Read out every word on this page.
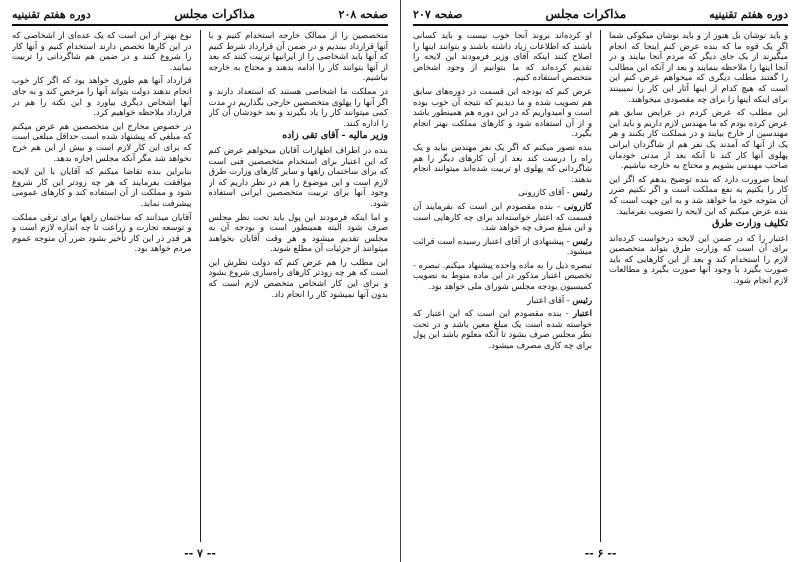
دوره هفتم تقنینیه
مذاکرات مجلس
صفحه ۲۰۷

و باید نوشان بل هنوز از و باید نوشان میکوکی شما اگر یک قوه ما که بنده عرض کنم اینجا که انجام میگیرند از یک جای دیگر که مردم آنجا بیایند و در آنجا اینها را ملاحظه بنمایند و بعد از آنکه این مطالب را گفتند مطلب دیگری که میخواهم عرض کنم این است که هیچ کدام از اینها آثار این کار را نمیبینند برای اینکه اینها را برای چه مقصودی میخواهند.

این مطلب که عرض کردم در عرایض سابق هم عرض کرده بودم که ما مهندس لازم داریم و باید این مهندسین از خارج بیایند و در مملکت کار بکنند و هر یک از آنها که آمدند یک نفر هم از شاگردان ایرانی پهلوی آنها کار کند تا آنکه بعد از مدتی خودمان صاحب مهندس بشویم و محتاج به خارجه نباشیم.

اینجا ضرورت دارد که بنده توضیح بدهم که اگر این کار را بکنیم به نفع مملکت است و اگر نکنیم ضرر آن متوجه خود ما خواهد شد و به این جهت است که بنده عرض میکنم که این لایحه را تصویب بفرمایید.

تکلیف وزارت طرق

اعتبار را که در ضمن این لایحه درخواست کرده‌اند برای آن است که وزارت طرق بتواند متخصصین لازم را استخدام کند و بعد از این کارهایی که باید صورت بگیرد با وجود آنها صورت بگیرد و مطالعات لازم انجام شود.

او کرده‌اند بروند آنجا خوب نیست و باید کسانی باشند که اطلاعات زیاد داشته باشند و بتوانند اینها را اصلاح کنند اینکه آقای وزیر فرمودند این لایحه را تقدیم کرده‌اند که ما بتوانیم از وجود اشخاص متخصص استفاده کنیم.

عرض کنم که بودجه این قسمت در دوره‌های سابق هم تصویب شده و ما دیدیم که نتیجه آن خوب بوده است و امیدواریم که در این دوره هم همینطور باشد و از آن استفاده شود و کارهای مملکت بهتر انجام بگیرد.

بنده تصور میکنم که اگر یک نفر مهندس بیاید و یک راه را درست کند بعد از آن کارهای دیگر را هم شاگردانی که پهلوی او تربیت شده‌اند میتوانند انجام بدهند.

رئیس - آقای کازرونی

کازرونی - بنده مقصودم این است که بفرمایند آن قسمت که اعتبار خواسته‌اند برای چه کارهایی است و این مبلغ صرف چه خواهد شد.

رئیس - پیشنهادی از آقای اعتبار رسیده است قرائت میشود.

تبصره ذیل را به ماده واحده پیشنهاد میکنم. تبصره - تخصیص اعتبار مذکور در این ماده منوط به تصویب کمیسیون بودجه مجلس شورای ملی خواهد بود.

رئیس - آقای اعتبار

اعتبار - بنده مقصودم این است که این اعتبار که خواسته شده است یک مبلغ معین باشد و در تحت نظر مجلس صرف بشود تا آنکه معلوم باشد این پول برای چه کاری مصرف میشود.

-- ۶ --
صفحه ۲۰۸
مذاکرات مجلس
دوره هفتم تقنینیه

متخصصین را از ممالک خارجه استخدام کنیم و با آنها قرارداد ببندیم و در ضمن آن قرارداد شرط کنیم که آنها باید اشخاصی را از ایرانیها تربیت کنند که بعد از آنها بتوانند کار را ادامه بدهند و محتاج به خارجه نباشیم.

در مملکت ما اشخاصی هستند که استعداد دارند و اگر آنها را پهلوی متخصصین خارجی بگذاریم در مدت کمی میتوانند کار را یاد بگیرند و بعد خودشان آن کار را اداره کنند.

وزیر مالیه - آقای تقی زاده

بنده در اطراف اظهارات آقایان میخواهم عرض کنم که این اعتبار برای استخدام متخصصین فنی است که برای ساختمان راهها و سایر کارهای وزارت طرق لازم است و این موضوع را هم در نظر داریم که از وجود آنها برای تربیت متخصصین ایرانی استفاده شود.

و اما اینکه فرمودند این پول باید تحت نظر مجلس صرف شود البته همینطور است و بودجه آن به مجلس تقدیم میشود و هر وقت آقایان بخواهند میتوانند از جزئیات آن مطلع شوند.

این مطلب را هم عرض کنم که دولت نظرش این است که هر چه زودتر کارهای راه‌سازی شروع بشود و برای این کار اشخاص متخصص لازم است که بدون آنها نمیشود کار را انجام داد.

نوع بهتر از این است که یک عده‌ای از اشخاصی که در این کارها تخصص دارند استخدام کنیم و آنها کار را شروع کنند و در ضمن هم شاگردانی را تربیت نمایند.

قرارداد آنها هم طوری خواهد بود که اگر کار خوب انجام ندهند دولت بتواند آنها را مرخص کند و به جای آنها اشخاص دیگری بیاورد و این نکته را هم در قرارداد ملاحظه خواهیم کرد.

در خصوص مخارج این متخصصین هم عرض میکنم که مبلغی که پیشنهاد شده است حداقل مبلغی است که برای این کار لازم است و بیش از این هم خرج نخواهد شد مگر آنکه مجلس اجازه بدهد.

بنابراین بنده تقاضا میکنم که آقایان با این لایحه موافقت بفرمایند که هر چه زودتر این کار شروع شود و مملکت از آن استفاده کند و کارهای عمومی پیشرفت نماید.

آقایان میدانند که ساختمان راهها برای ترقی مملکت و توسعه تجارت و زراعت تا چه اندازه لازم است و هر قدر در این کار تأخیر بشود ضرر آن متوجه عموم مردم خواهد بود.

-- ۷ --
